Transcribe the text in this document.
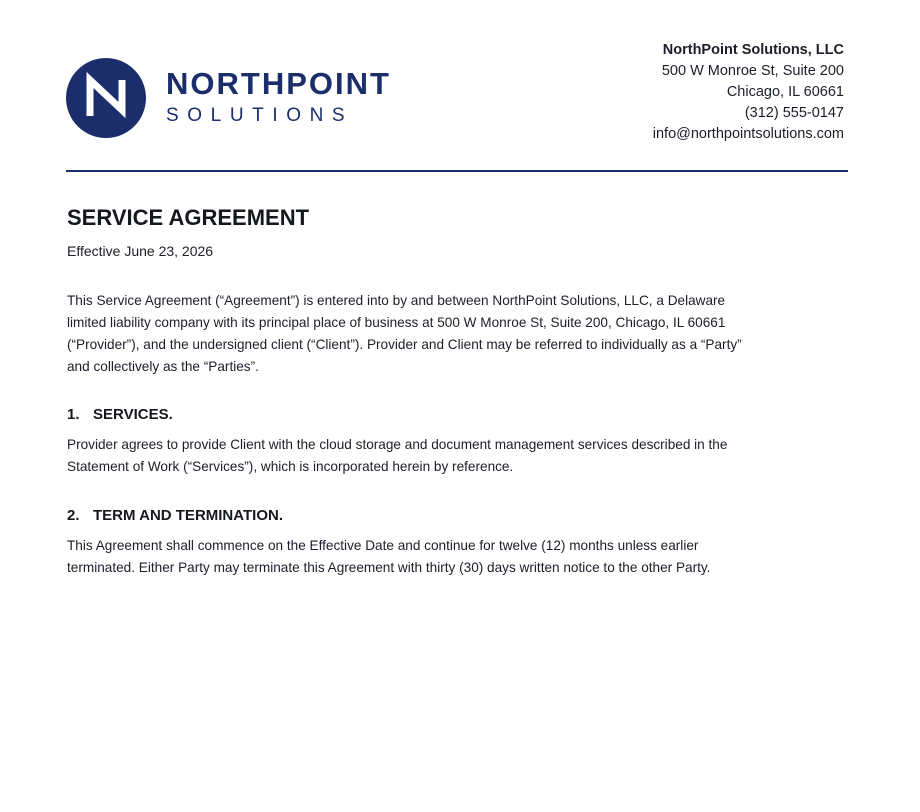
NORTHPOINT
SOLUTIONS
NorthPoint Solutions, LLC
500 W Monroe St, Suite 200
Chicago, IL 60661
(312) 555-0147
info@northpointsolutions.com
SERVICE AGREEMENT
Effective June 23, 2026

This Service Agreement (“Agreement”) is entered into by and between NorthPoint Solutions, LLC, a Delaware limited liability company with its principal place of business at 500 W Monroe St, Suite 200, Chicago, IL 60661 (“Provider”), and the undersigned client (“Client”). Provider and Client may be referred to individually as a “Party” and collectively as the “Parties”.

1. SERVICES.

Provider agrees to provide Client with the cloud storage and document management services described in the Statement of Work (“Services”), which is incorporated herein by reference.

2. TERM AND TERMINATION.

This Agreement shall commence on the Effective Date and continue for twelve (12) months unless earlier terminated. Either Party may terminate this Agreement with thirty (30) days written notice to the other Party.
